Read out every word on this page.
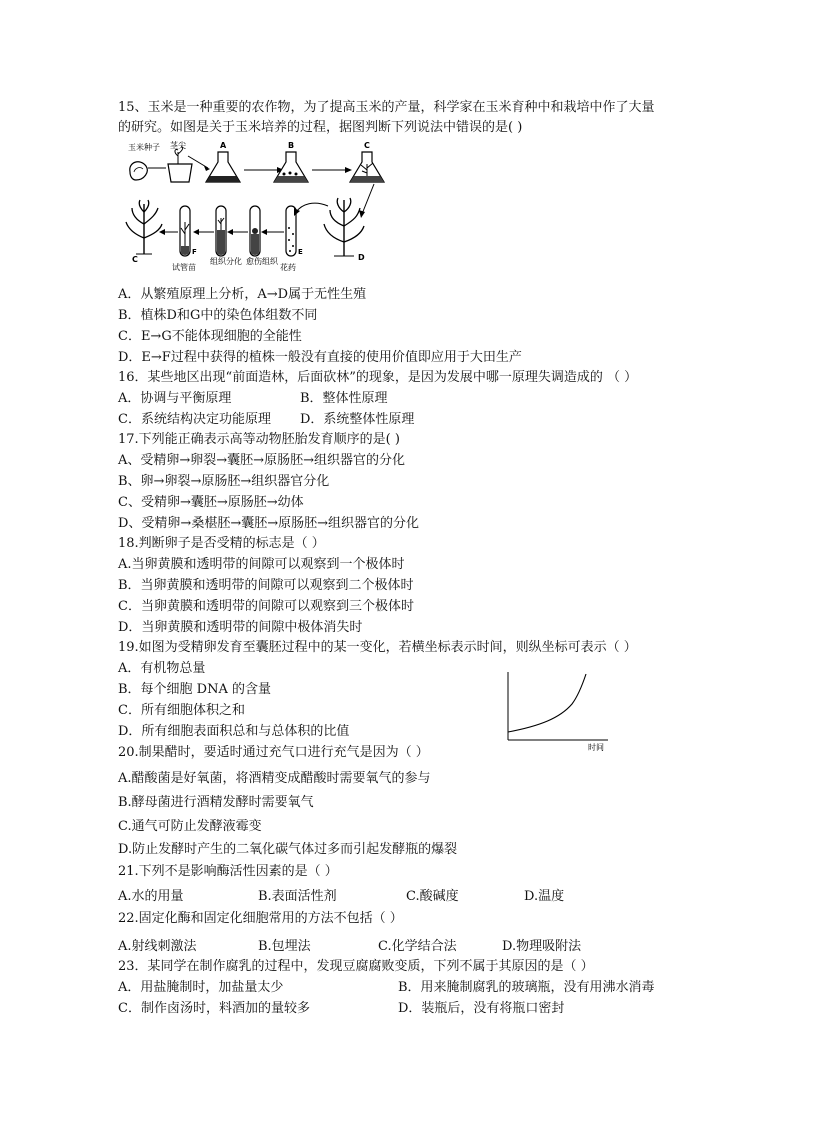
15、玉米是一种重要的农作物，为了提高玉米的产量，科学家在玉米育种中和栽培中作了大量
的研究。如图是关于玉米培养的过程，据图判断下列说法中错误的是( )
玉米种子 茎尖	A	B	C
C
F	E
D
试管苗
组织分化 愈伤组织
花药
A．从繁殖原理上分析，A→D属于无性生殖
B．植株D和G中的染色体组数不同
C．E→G不能体现细胞的全能性
D．E→F过程中获得的植株一般没有直接的使用价值即应用于大田生产
16．某些地区出现“前面造林，后面砍林”的现象，是因为发展中哪一原理失调造成的 （ ）
A．协调与平衡原理	B．整体性原理
C．系统结构决定功能原理 D．系统整体性原理
17.下列能正确表示高等动物胚胎发育顺序的是( )
A、受精卵→卵裂→囊胚→原肠胚→组织器官的分化
B、卵→卵裂→原肠胚→组织器官分化
C、受精卵→囊胚→原肠胚→幼体
D、受精卵→桑椹胚→囊胚→原肠胚→组织器官的分化
18.判断卵子是否受精的标志是（ ）
A.当卵黄膜和透明带的间隙可以观察到一个极体时
B．当卵黄膜和透明带的间隙可以观察到二个极体时
C．当卵黄膜和透明带的间隙可以观察到三个极体时
D．当卵黄膜和透明带的间隙中极体消失时
19.如图为受精卵发育至囊胚过程中的某一变化，若横坐标表示时间，则纵坐标可表示（ ）
A．有机物总量
B．每个细胞 DNA 的含量
C．所有细胞体积之和
D．所有细胞表面积总和与总体积的比值
时间
20.制果醋时，要适时通过充气口进行充气是因为（ ）
A.醋酸菌是好氧菌，将酒精变成醋酸时需要氧气的参与
B.酵母菌进行酒精发酵时需要氧气
C.通气可防止发酵液霉变
D.防止发酵时产生的二氧化碳气体过多而引起发酵瓶的爆裂
21.下列不是影响酶活性因素的是（ ）
A.水的用量	B.表面活性剂	C.酸碱度	D.温度
22.固定化酶和固定化细胞常用的方法不包括（ ）
A.射线刺激法	B.包埋法	C.化学结合法	D.物理吸附法
23．某同学在制作腐乳的过程中，发现豆腐腐败变质，下列不属于其原因的是（ ）
A．用盐腌制时，加盐量太少	B．用来腌制腐乳的玻璃瓶，没有用沸水消毒
C．制作卤汤时，料酒加的量较多	D．装瓶后，没有将瓶口密封
